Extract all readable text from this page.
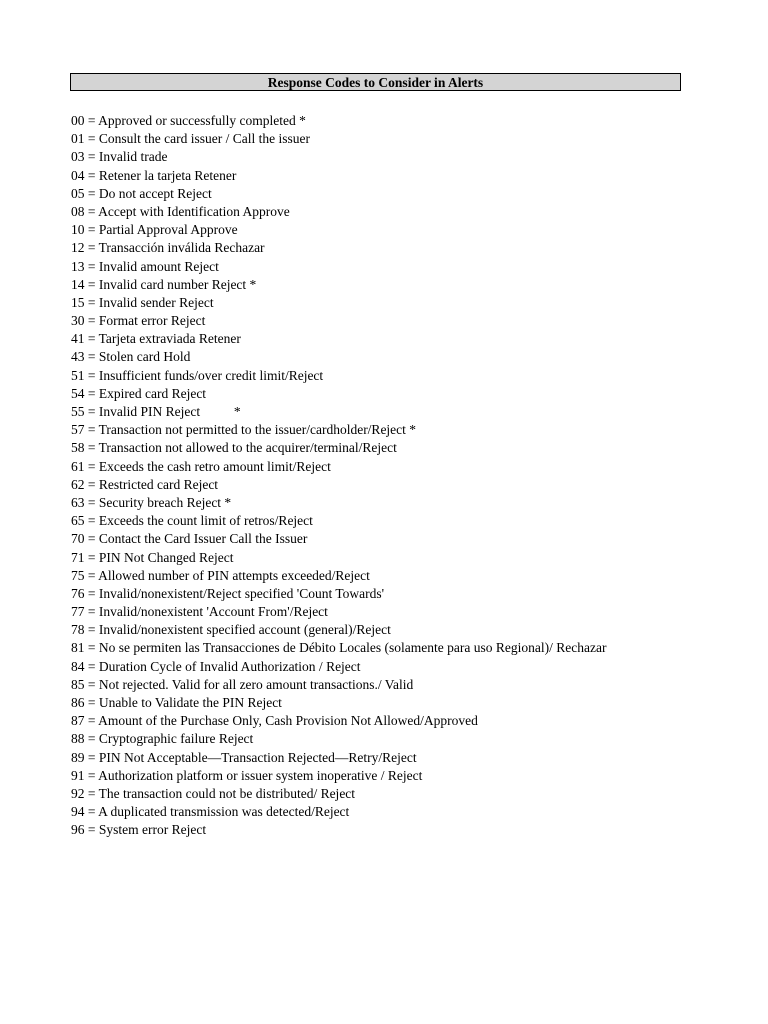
Response Codes to Consider in Alerts
00 = Approved or successfully completed *
01 = Consult the card issuer / Call the issuer
03 = Invalid trade
04 = Retener la tarjeta Retener
05 = Do not accept Reject
08 = Accept with Identification Approve
10 = Partial Approval Approve
12 = Transacción inválida Rechazar
13 = Invalid amount Reject
14 = Invalid card number Reject *
15 = Invalid sender Reject
30 = Format error Reject
41 = Tarjeta extraviada Retener
43 = Stolen card Hold
51 = Insufficient funds/over credit limit/Reject
54 = Expired card Reject
55 = Invalid PIN Reject          *
57 = Transaction not permitted to the issuer/cardholder/Reject *
58 = Transaction not allowed to the acquirer/terminal/Reject
61 = Exceeds the cash retro amount limit/Reject
62 = Restricted card Reject
63 = Security breach Reject *
65 = Exceeds the count limit of retros/Reject
70 = Contact the Card Issuer Call the Issuer
71 = PIN Not Changed Reject
75 = Allowed number of PIN attempts exceeded/Reject
76 = Invalid/nonexistent/Reject specified 'Count Towards'
77 = Invalid/nonexistent 'Account From'/Reject
78 = Invalid/nonexistent specified account (general)/Reject
81 = No se permiten las Transacciones de Débito Locales (solamente para uso Regional)/ Rechazar
84 = Duration Cycle of Invalid Authorization / Reject
85 = Not rejected. Valid for all zero amount transactions./ Valid
86 = Unable to Validate the PIN Reject
87 = Amount of the Purchase Only, Cash Provision Not Allowed/Approved
88 = Cryptographic failure Reject
89 = PIN Not Acceptable—Transaction Rejected—Retry/Reject
91 = Authorization platform or issuer system inoperative / Reject
92 = The transaction could not be distributed/ Reject
94 = A duplicated transmission was detected/Reject
96 = System error Reject
